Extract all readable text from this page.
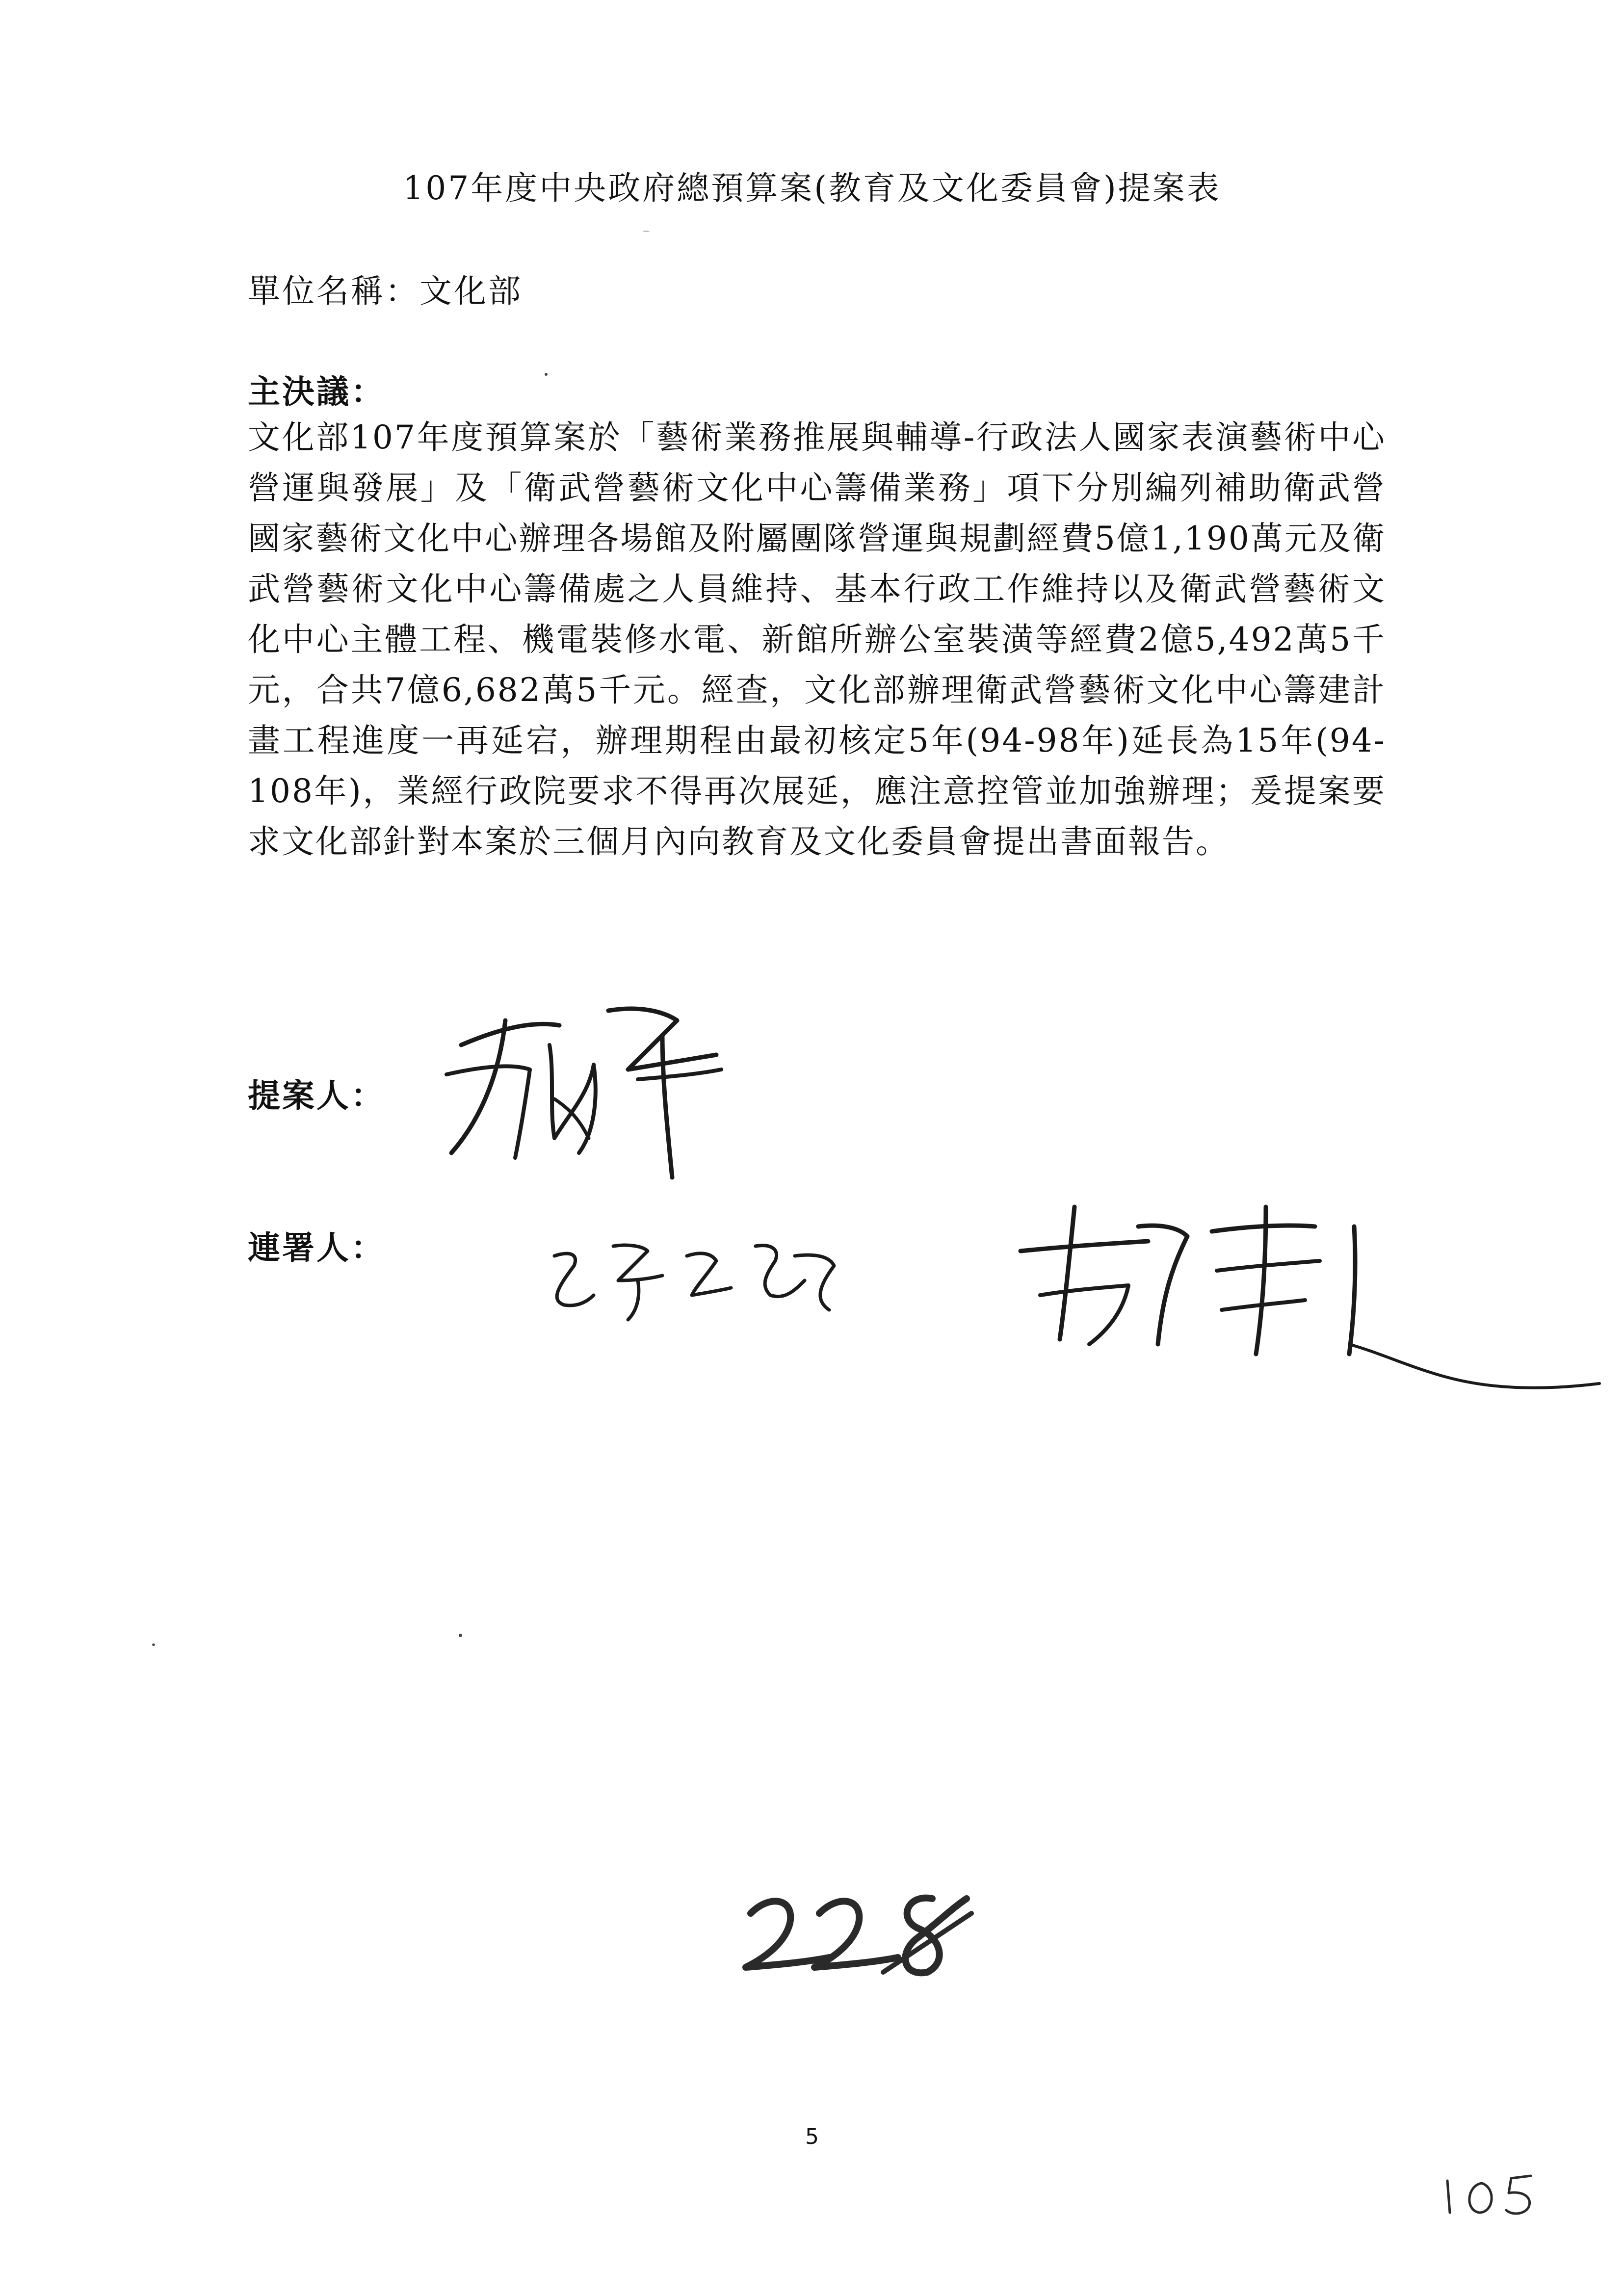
107年度中央政府總預算案(教育及文化委員會)提案表
單位名稱：文化部
主決議：

文化部107年度預算案於「藝術業務推展與輔導-行政法人國家表演藝術中心營運與發展」及「衛武營藝術文化中心籌備業務」項下分別編列補助衛武營國家藝術文化中心辦理各場館及附屬團隊營運與規劃經費5億1,190萬元及衛武營藝術文化中心籌備處之人員維持、基本行政工作維持以及衛武營藝術文化中心主體工程、機電裝修水電、新館所辦公室裝潢等經費2億5,492萬5千元，合共7億6,682萬5千元。經查，文化部辦理衛武營藝術文化中心籌建計畫工程進度一再延宕，辦理期程由最初核定5年(94-98年)延長為15年(94-108年)，業經行政院要求不得再次展延，應注意控管並加強辦理；爰提案要求文化部針對本案於三個月內向教育及文化委員會提出書面報告。

提案人：
連署人：
5
